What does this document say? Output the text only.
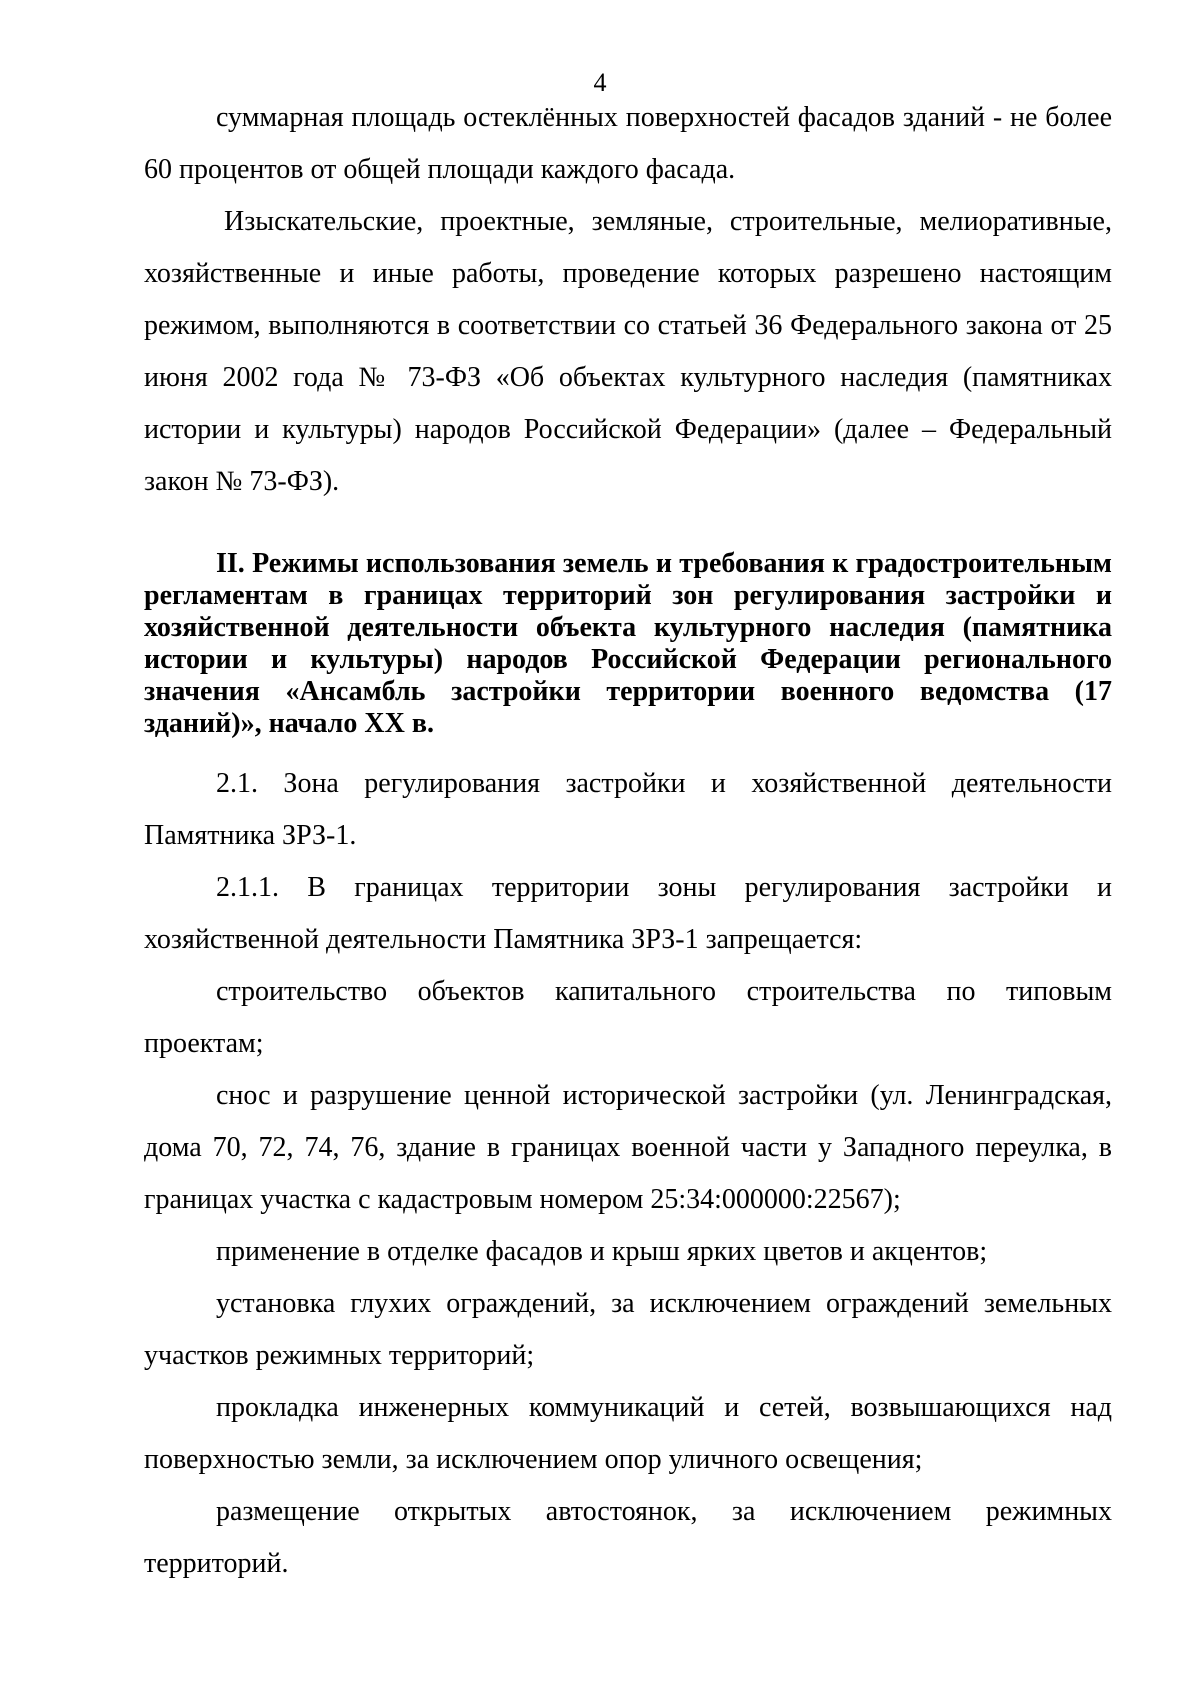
4

суммарная площадь остеклённых поверхностей фасадов зданий - не более 60 процентов от общей площади каждого фасада.

Изыскательские, проектные, земляные, строительные, мелиоративные, хозяйственные и иные работы, проведение которых разрешено настоящим режимом, выполняются в соответствии со статьей 36 Федерального закона от 25 июня 2002 года № 73-ФЗ «Об объектах культурного наследия (памятниках истории и культуры) народов Российской Федерации» (далее – Федеральный закон № 73-ФЗ).

II. Режимы использования земель и требования к градостроительным регламентам в границах территорий зон регулирования застройки и хозяйственной деятельности объекта культурного наследия (памятника истории и культуры) народов Российской Федерации регионального значения «Ансамбль застройки территории военного ведомства (17 зданий)», начало XX в.

2.1. Зона регулирования застройки и хозяйственной деятельности Памятника ЗРЗ-1.

2.1.1. В границах территории зоны регулирования застройки и хозяйственной деятельности Памятника ЗРЗ-1 запрещается:

строительство объектов капитального строительства по типовым проектам;

снос и разрушение ценной исторической застройки (ул. Ленинградская, дома 70, 72, 74, 76, здание в границах военной части у Западного переулка, в границах участка с кадастровым номером 25:34:000000:22567);

применение в отделке фасадов и крыш ярких цветов и акцентов;

установка глухих ограждений, за исключением ограждений земельных участков режимных территорий;

прокладка инженерных коммуникаций и сетей, возвышающихся над поверхностью земли, за исключением опор уличного освещения;

размещение открытых автостоянок, за исключением режимных территорий.
